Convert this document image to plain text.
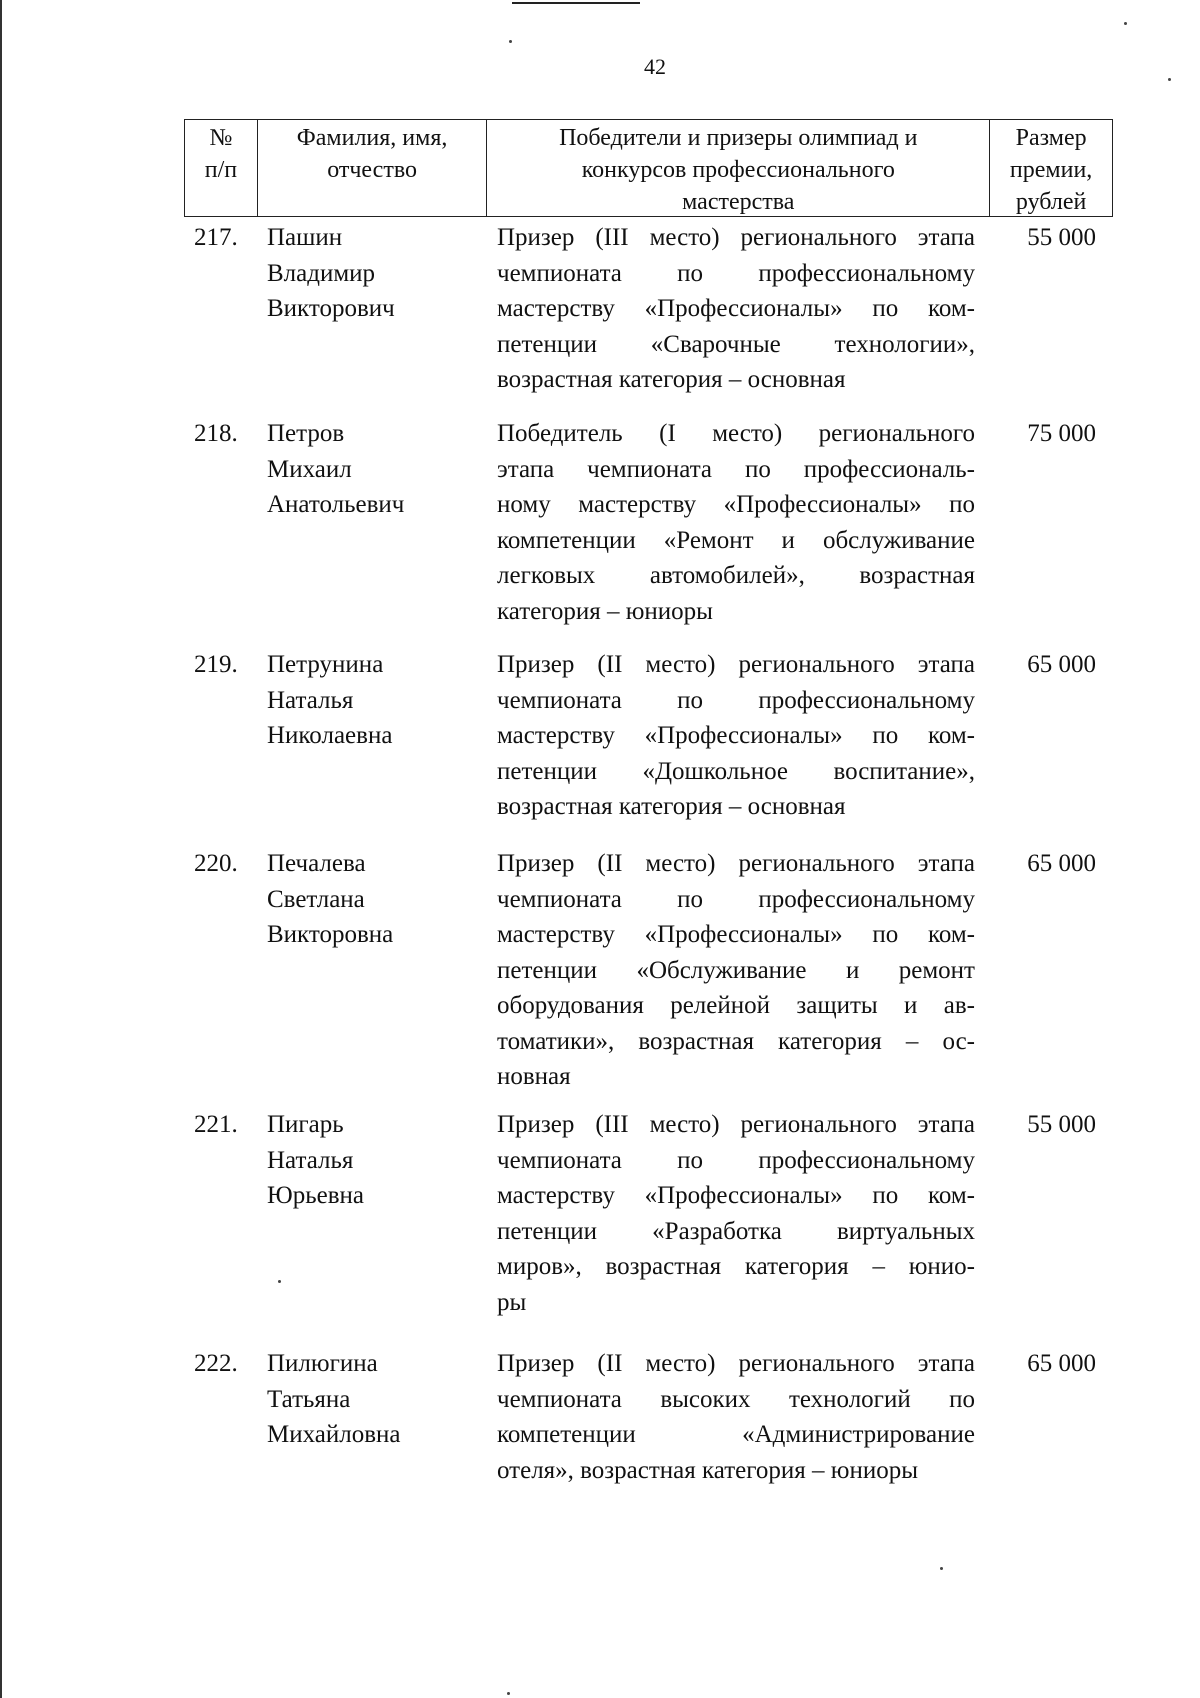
42
№
п/п
Фамилия, имя,
отчество
Победители и призеры олимпиад и
конкурсов профессионального
мастерства
Размер
премии,
рублей
217. Пашин
Владимир
Викторович
Призер (III место) регионального этапа
чемпионата по профессиональному
мастерству «Профессионалы» по ком-
петенции «Сварочные технологии»,
возрастная категория – основная
55 000
218. Петров
Михаил
Анатольевич
Победитель (I место) регионального
этапа чемпионата по профессиональ-
ному мастерству «Профессионалы» по
компетенции «Ремонт и обслуживание
легковых автомобилей», возрастная
категория – юниоры
75 000
219. Петрунина
Наталья
Николаевна
Призер (II место) регионального этапа
чемпионата по профессиональному
мастерству «Профессионалы» по ком-
петенции «Дошкольное воспитание»,
возрастная категория – основная
65 000
220. Печалева
Светлана
Викторовна
Призер (II место) регионального этапа
чемпионата по профессиональному
мастерству «Профессионалы» по ком-
петенции «Обслуживание и ремонт
оборудования релейной защиты и ав-
томатики», возрастная категория – ос-
новная
65 000
221. Пигарь
Наталья
Юрьевна
Призер (III место) регионального этапа
чемпионата по профессиональному
мастерству «Профессионалы» по ком-
петенции «Разработка виртуальных
миров», возрастная категория – юнио-
ры
55 000
222. Пилюгина
Татьяна
Михайловна
Призер (II место) регионального этапа
чемпионата высоких технологий по
компетенции «Администрирование
отеля», возрастная категория – юниоры
65 000
